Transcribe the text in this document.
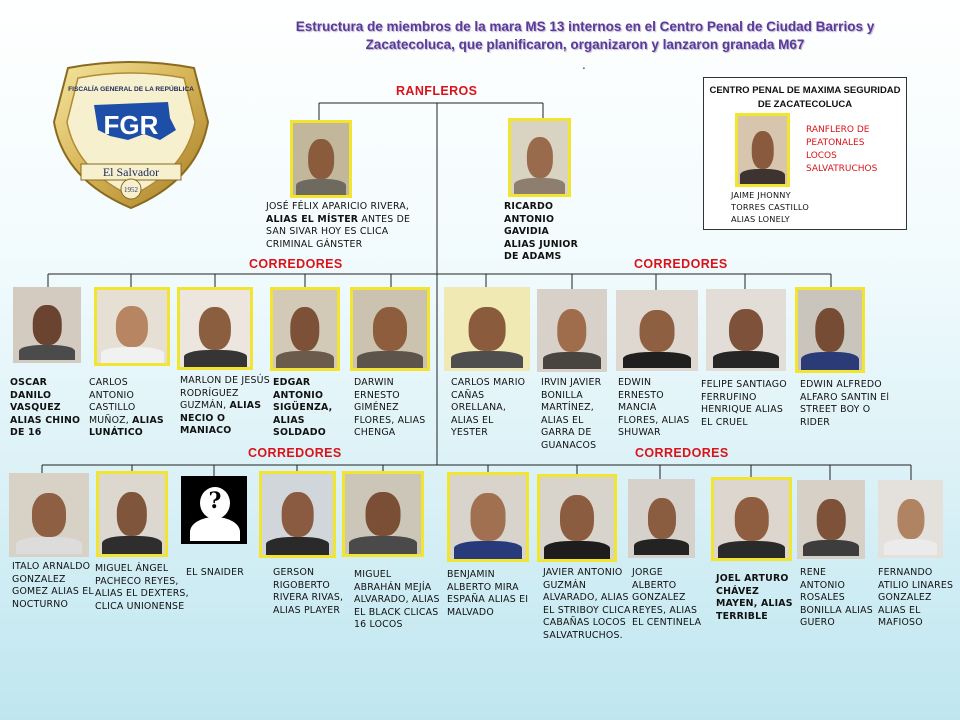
Estructura de miembros de la mara MS 13 internos en el Centro Penal de Ciudad Barrios y Zacatecoluca, que planificaron, organizaron y lanzaron granada M67
.
FISCALÍA GENERAL DE LA REPÚBLICA
FGR
El Salvador
1952
RANFLEROS
CORREDORES	CORREDORES
CORREDORES	CORREDORES
CENTRO PENAL DE MAXIMA SEGURIDAD DE ZACATECOLUCA
RANFLERO DE PEATONALES LOCOS SALVATRUCHOS
JAIME JHONNY TORRES CASTILLO ALIAS LONELY
JOSÉ FÉLIX APARICIO RIVERA, ALIAS EL MÍSTER ANTES DE SAN SIVAR HOY ES CLICA CRIMINAL GÁNSTER
RICARDO ANTONIO GAVIDIA ALIAS JUNIOR DE ADAMS
OSCAR DANILO VASQUEZ ALIAS CHINO DE 16
CARLOS ANTONIO CASTILLO MUÑOZ, ALIAS LUNÁTICO
MARLON DE JESÚS RODRÍGUEZ GUZMÁN, ALIAS NECIO O MANIACO
EDGAR ANTONIO SIGÜENZA, ALIAS SOLDADO
DARWIN ERNESTO GIMÉNEZ FLORES, ALIAS CHENGA
CARLOS MARIO CAÑAS ORELLANA, ALIAS EL YESTER
IRVIN JAVIER BONILLA MARTÍNEZ, ALIAS EL GARRA DE GUANACOS
EDWIN ERNESTO MANCIA FLORES, ALIAS SHUWAR
FELIPE SANTIAGO FERRUFINO HENRIQUE ALIAS EL CRUEL
EDWIN ALFREDO ALFARO SANTIN El STREET BOY O RIDER
?
ITALO ARNALDO GONZALEZ GOMEZ ALIAS EL NOCTURNO
MIGUEL ÁNGEL PACHECO REYES, ALIAS EL DEXTERS, CLICA UNIONENSE
EL SNAIDER	GERSON RIGOBERTO RIVERA RIVAS, ALIAS PLAYER
MIGUEL ABRAHÁN MEJÍA ALVARADO, ALIAS EL BLACK CLICAS 16 LOCOS
BENJAMIN ALBERTO MIRA ESPAÑA ALIAS EI MALVADO
JAVIER ANTONIO GUZMÁN ALVARADO, ALIAS EL STRIBOY CLICA CABAÑAS LOCOS SALVATRUCHOS.
JORGE ALBERTO GONZALEZ REYES, ALIAS EL CENTINELA
JOEL ARTURO CHÁVEZ MAYEN, ALIAS TERRIBLE
RENE ANTONIO ROSALES BONILLA ALIAS GUERO
FERNANDO ATILIO LINARES GONZALEZ ALIAS EL MAFIOSO
